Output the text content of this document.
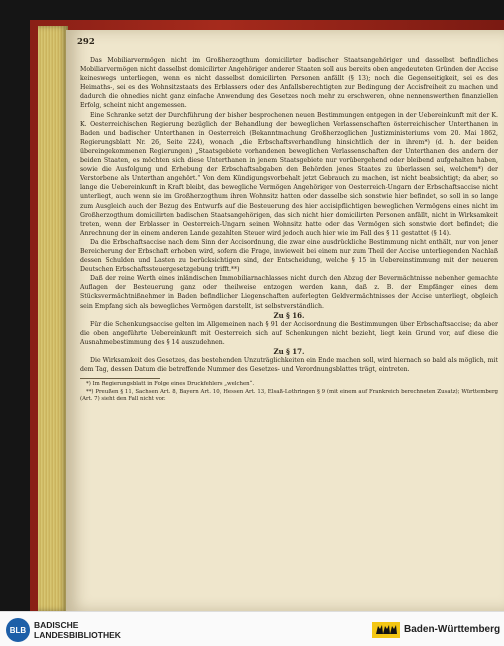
292

Das Mobiliarvermögen nicht im Großherzogthum domicilirter badischer Staatsangehöriger und dasselbst befindliches Mobiliarvermögen nicht dasselbst domicilirter Angehöriger anderer Staaten soll aus bereits oben angedeuteten Gründen der Accise keineswegs unterliegen, wenn es nicht dasselbst domicilirten Personen anfällt (§ 13); noch die Gegenseitigkeit, sei es des Heimaths-, sei es des Wohnsitzstaats des Erblassers oder des Anfallsberechtigten zur Bedingung der Accisfreiheit zu machen und dadurch die ohnedies nicht ganz einfache Anwendung des Gesetzes noch mehr zu erschweren, ohne nennenswerthen finanziellen Erfolg, scheint nicht angemessen.

Eine Schranke setzt der Durchführung der bisher besprochenen neuen Bestimmungen entgegen in der Uebereinkunft mit der K. K. Oesterreichischen Regierung bezüglich der Behandlung der beweglichen Verlassenschaften österreichischer Unterthanen in Baden und badischer Unterthanen in Oesterreich (Bekanntmachung Großherzoglichen Justizministeriums vom 20. Mai 1862, Regierungsblatt Nr. 26, Seite 224), wonach „die Erbschaftsverhandlung hinsichtlich der in ihrem*) (d. h. der beiden übereingekommenen Regierungen) „Staatsgebiete vorhandenen beweglichen Verlassenschaften der Unterthanen des andern der beiden Staaten, es möchten sich diese Unterthanen in jenem Staatsgebiete nur vorübergehend oder bleibend aufgehalten haben, sowie die Ausfolgung und Erhebung der Erbschaftsabgaben den Behörden jenes Staates zu überlassen sei, welchem*) der Verstorbene als Unterthan angehört.“ Von dem Kündigungsvorbehalt jetzt Gebrauch zu machen, ist nicht beabsichtigt; da aber, so lange die Uebereinkunft in Kraft bleibt, das bewegliche Vermögen Angehöriger von Oesterreich-Ungarn der Erbschaftsaccise nicht unterliegt, auch wenn sie im Großherzogthum ihren Wohnsitz hatten oder dasselbe sich sonstwie hier befindet, so soll in so lange zum Ausgleich auch der Bezug des Entwurfs auf die Besteuerung des hier accisipflichtigen beweglichen Vermögens eines nicht im Großherzogthum domicilirten badischen Staatsangehörigen, das sich nicht hier domicilirten Personen anfällt, nicht in Wirksamkeit treten, wenn der Erblasser in Oesterreich-Ungarn seinen Wohnsitz hatte oder das Vermögen sich sonstwie dort befindet; die Anrechnung der in einem anderen Lande gezahlten Steuer wird jedoch auch hier wie im Fall des § 11 gestattet (§ 14).

Da die Erbschaftsaccise nach dem Sinn der Accisordnung, die zwar eine ausdrückliche Bestimmung nicht enthält, nur von jener Bereicherung der Erbschaft erhoben wird, sofern die Frage, inwieweit bei einem nur zum Theil der Accise unterliegenden Nachlaß dessen Schulden und Lasten zu berücksichtigen sind, der Entscheidung, welche § 15 in Uebereinstimmung mit der neueren Deutschen Erbschaftssteuergesetzgebung trifft.**)

Daß der reine Werth eines inländischen Immobiliarnachlasses nicht durch den Abzug der Bevermächtnisse nebenher gemachte Auflagen der Besteuerung ganz oder theilweise entzogen werden kann, daß z. B. der Empfänger eines dem Stücksvermächtnißnehmer in Baden befindlicher Liegenschaften auferlegten Geldvermächtnisses der Accise unterliegt, obgleich sein Empfang sich als bewegliches Vermögen darstellt, ist selbstverständlich.

Zu § 16.

Für die Schenkungsaccise gelten im Allgemeinen nach § 91 der Accisordnung die Bestimmungen über Erbschaftsaccise; da aber die oben angeführte Uebereinkunft mit Oesterreich sich auf Schenkungen nicht bezieht, liegt kein Grund vor, auf diese die Ausnahmebestimmung des § 14 auszudehnen.

Zu § 17.

Die Wirksamkeit des Gesetzes, das bestehenden Unzuträglichkeiten ein Ende machen soll, wird hiernach so bald als möglich, mit dem Tag, dessen Datum die betreffende Nummer des Gesetzes- und Verordnungsblattes trägt, eintreten.

*) Im Regierungsblatt in Folge eines Druckfehlers „welchen“.

**) Preußen § 11, Sachsen Art. 8, Bayern Art. 10, Hessen Art. 13, Elsaß-Lothringen § 9 (mit einem auf Frankreich berechneten Zusatz); Württemberg (Art. 7) sieht den Fall nicht vor.

BLB BADISCHE
LANDESBIBLIOTHEK	Baden-Württemberg
